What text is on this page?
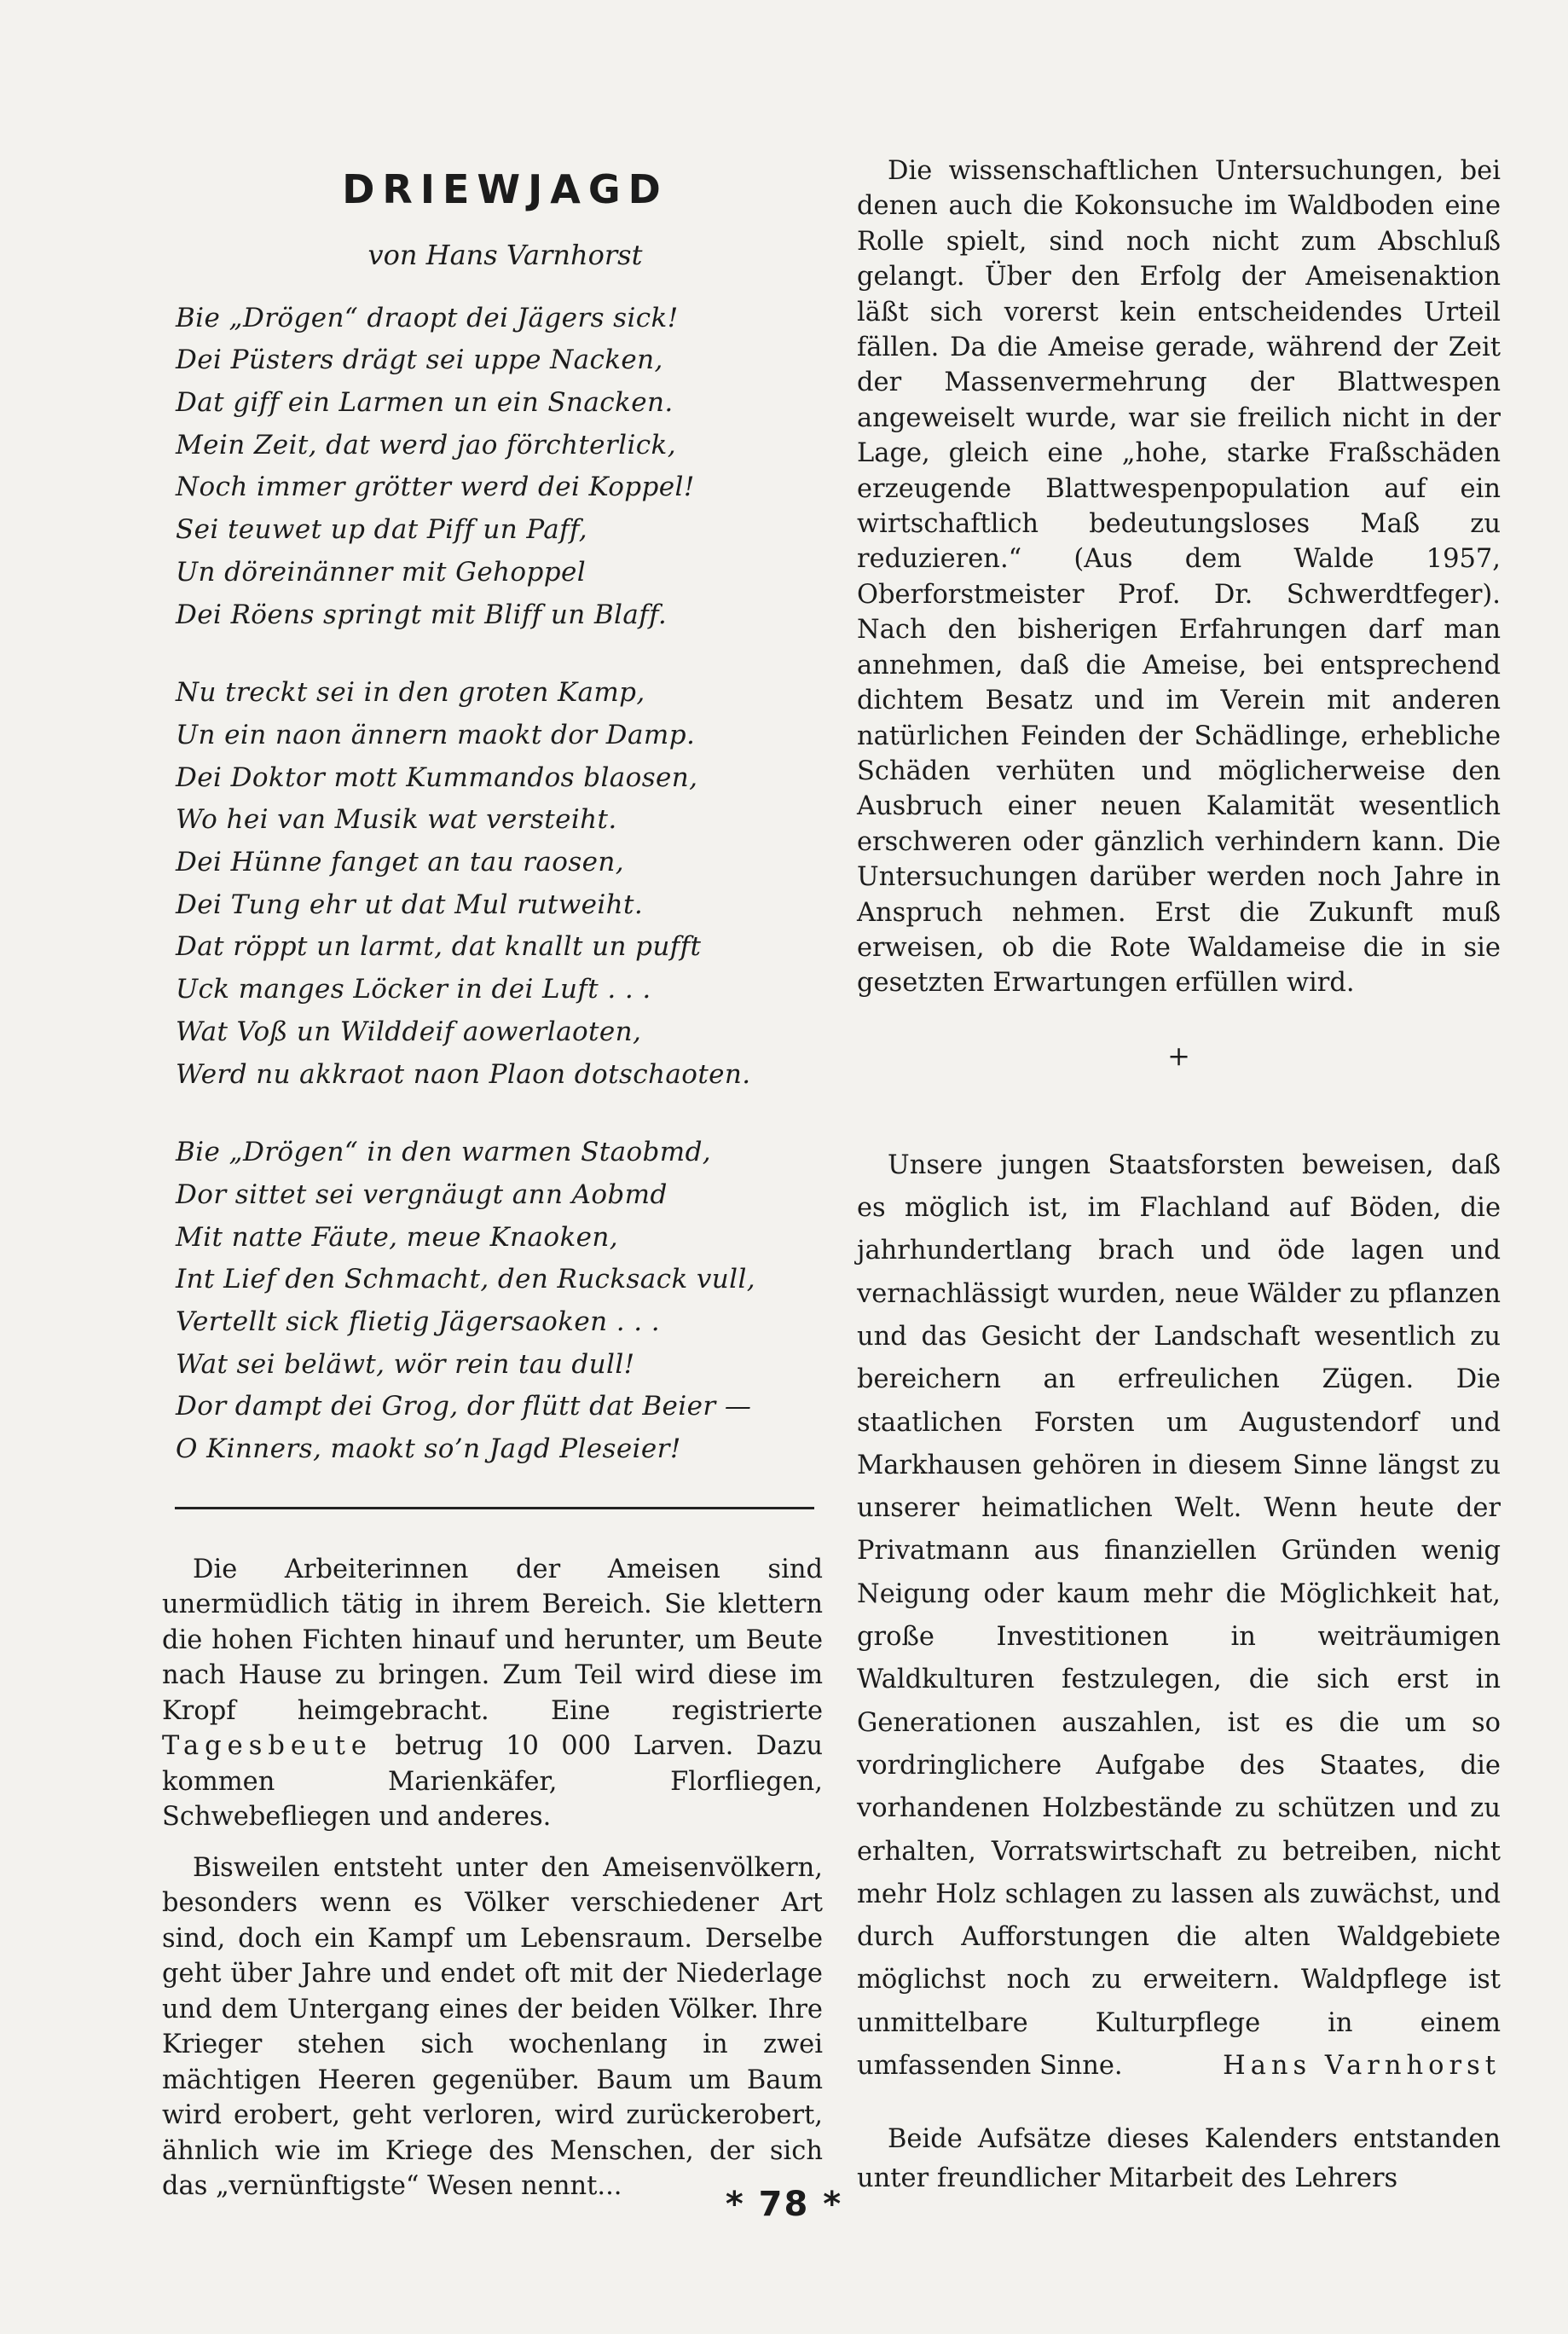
DRIEWJAGD
von Hans Varnhorst
Bie „Drögen“ draopt dei Jägers sick!
Dei Püsters drägt sei uppe Nacken,
Dat giff ein Larmen un ein Snacken.
Mein Zeit, dat werd jao förchterlick,
Noch immer grötter werd dei Koppel!
Sei teuwet up dat Piff un Paff,
Un döreinänner mit Gehoppel
Dei Röens springt mit Bliff un Blaff.
Nu treckt sei in den groten Kamp,
Un ein naon ännern maokt dor Damp.
Dei Doktor mott Kummandos blaosen,
Wo hei van Musik wat versteiht.
Dei Hünne fanget an tau raosen,
Dei Tung ehr ut dat Mul rutweiht.
Dat röppt un larmt, dat knallt un pufft
Uck manges Löcker in dei Luft . . .
Wat Voß un Wilddeif aowerlaoten,
Werd nu akkraot naon Plaon dotschaoten.
Bie „Drögen“ in den warmen Staobmd,
Dor sittet sei vergnäugt ann Aobmd
Mit natte Fäute, meue Knaoken,
Int Lief den Schmacht, den Rucksack vull,
Vertellt sick flietig Jägersaoken . . .
Wat sei beläwt, wör rein tau dull!
Dor dampt dei Grog, dor flütt dat Beier —
O Kinners, maokt so’n Jagd Pleseier!

Die Arbeiterinnen der Ameisen sind unermüdlich tätig in ihrem Bereich. Sie klettern die hohen Fichten hinauf und herunter, um Beute nach Hause zu bringen. Zum Teil wird diese im Kropf heimgebracht. Eine registrierte Tagesbeute betrug 10 000 Larven. Dazu kommen Marienkäfer, Florfliegen, Schwebefliegen und anderes.

Bisweilen entsteht unter den Ameisenvölkern, besonders wenn es Völker verschiedener Art sind, doch ein Kampf um Lebensraum. Derselbe geht über Jahre und endet oft mit der Niederlage und dem Untergang eines der beiden Völker. Ihre Krieger stehen sich wochenlang in zwei mächtigen Heeren gegenüber. Baum um Baum wird erobert, geht verloren, wird zurückerobert, ähnlich wie im Kriege des Menschen, der sich das „vernünftigste“ Wesen nennt...

Die wissenschaftlichen Untersuchungen, bei denen auch die Kokonsuche im Waldboden eine Rolle spielt, sind noch nicht zum Abschluß gelangt. Über den Erfolg der Ameisenaktion läßt sich vorerst kein entscheidendes Urteil fällen. Da die Ameise gerade, während der Zeit der Massenvermehrung der Blattwespen angeweiselt wurde, war sie freilich nicht in der Lage, gleich eine „hohe, starke Fraßschäden erzeugende Blattwespenpopulation auf ein wirtschaftlich bedeutungsloses Maß zu reduzieren.“ (Aus dem Walde 1957, Oberforstmeister Prof. Dr. Schwerdtfeger). Nach den bisherigen Erfahrungen darf man annehmen, daß die Ameise, bei entsprechend dichtem Besatz und im Verein mit anderen natürlichen Feinden der Schädlinge, erhebliche Schäden verhüten und möglicherweise den Ausbruch einer neuen Kalamität wesentlich erschweren oder gänzlich verhindern kann. Die Untersuchungen darüber werden noch Jahre in Anspruch nehmen. Erst die Zukunft muß erweisen, ob die Rote Waldameise die in sie gesetzten Erwartungen erfüllen wird.

+

Unsere jungen Staatsforsten beweisen, daß es möglich ist, im Flachland auf Böden, die jahrhundertlang brach und öde lagen und vernachlässigt wurden, neue Wälder zu pflanzen und das Gesicht der Landschaft wesentlich zu bereichern an erfreulichen Zügen. Die staatlichen Forsten um Augustendorf und Markhausen gehören in diesem Sinne längst zu unserer heimatlichen Welt. Wenn heute der Privatmann aus finanziellen Gründen wenig Neigung oder kaum mehr die Möglichkeit hat, große Investitionen in weiträumigen Waldkulturen festzulegen, die sich erst in Generationen auszahlen, ist es die um so vordringlichere Aufgabe des Staates, die vorhandenen Holzbestände zu schützen und zu erhalten, Vorratswirtschaft zu betreiben, nicht mehr Holz schlagen zu lassen als zuwächst, und durch Aufforstungen die alten Waldgebiete möglichst noch zu erweitern. Waldpflege ist unmittelbare Kulturpflege in einem umfassenden Sinne.	Hans Varnhorst

Beide Aufsätze dieses Kalenders entstanden unter freundlicher Mitarbeit des Lehrers

* 78 *
